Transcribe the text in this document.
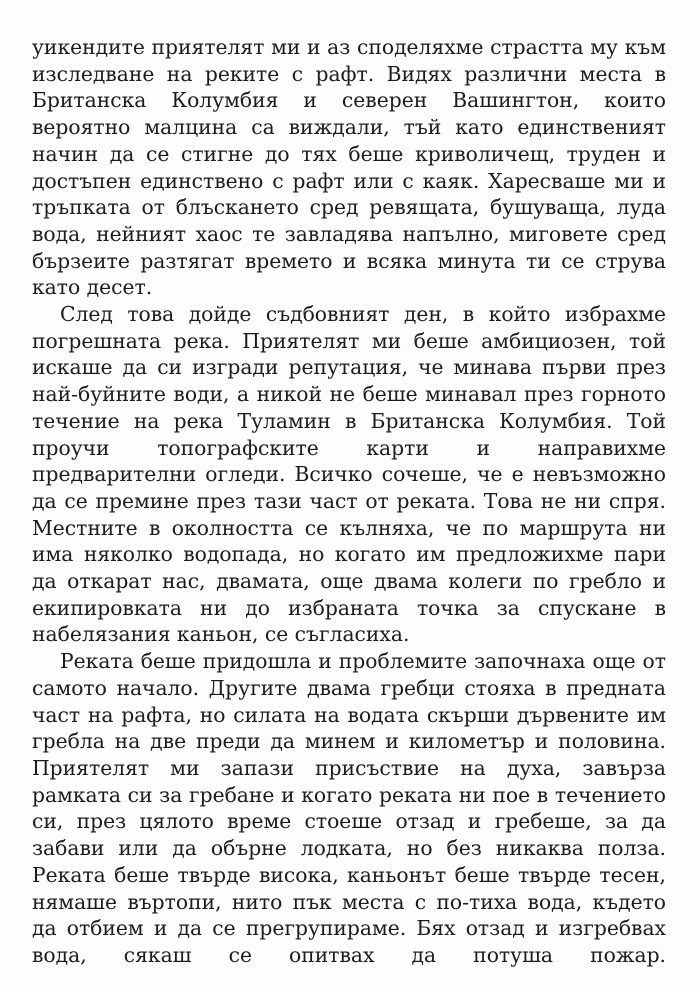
уикендите приятелят ми и аз споделяхме страстта му към изследване на реките с рафт. Видях различни места в Британска Колумбия и северен Вашингтон, които вероятно малцина са виждали, тъй като единственият начин да се стигне до тях беше криволичещ, труден и достъпен единствено с рафт или с каяк. Харесваше ми и тръпката от блъскането сред ревящата, бушуваща, луда вода, нейният хаос те завладява напълно, миговете сред бързеите разтягат времето и всяка минута ти се струва като десет.

След това дойде съдбовният ден, в който избрахме погрешната река. Приятелят ми беше амбициозен, той искаше да си изгради репутация, че минава първи през най-буйните води, а никой не беше минавал през горното течение на река Туламин в Британска Колумбия. Той проучи топографските карти и направихме предварителни огледи. Всичко сочеше, че е невъзможно да се премине през тази част от реката. Това не ни спря. Местните в околността се кълняха, че по маршрута ни има няколко водопада, но когато им предложихме пари да откарат нас, двамата, още двама колеги по гребло и екипировката ни до избраната точка за спускане в набелязания каньон, се съгласиха.

Реката беше придошла и проблемите започнаха още от самото начало. Другите двама гребци стояха в предната част на рафта, но силата на водата скърши дървените им гребла на две преди да минем и километър и половина. Приятелят ми запази присъствие на духа, завърза рамката си за гребане и когато реката ни пое в течението си, през цялото време стоеше отзад и гребеше, за да забави или да обърне лодката, но без никаква полза. Реката беше твърде висока, каньонът беше твърде тесен, нямаше въртопи, нито пък места с по-тиха вода, където да отбием и да се прегрупираме. Бях отзад и изгребвах вода, сякаш се опитвах да потуша пожар.
